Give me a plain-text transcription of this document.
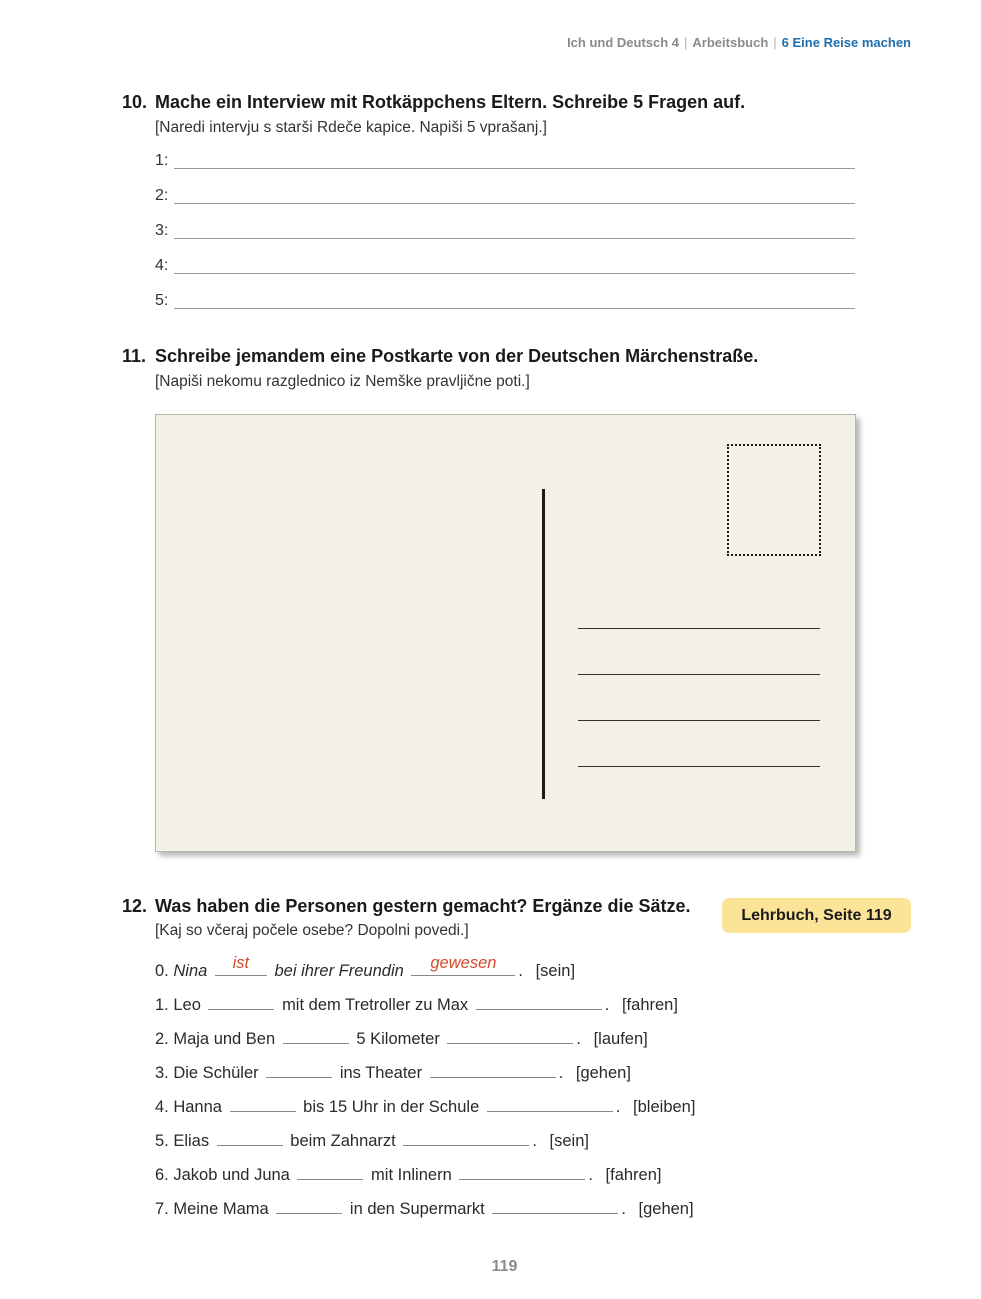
Ich und Deutsch 4 | Arbeitsbuch | 6 Eine Reise machen
10. Mache ein Interview mit Rotkäppchens Eltern. Schreibe 5 Fragen auf.
[Naredi intervju s starši Rdeče kapice. Napiši 5 vprašanj.]
1:
2:
3:
4:
5:
11. Schreibe jemandem eine Postkarte von der Deutschen Märchenstraße.
[Napiši nekomu razglednico iz Nemške pravljične poti.]
12. Was haben die Personen gestern gemacht? Ergänze die Sätze.
[Kaj so včeraj počele osebe? Dopolni povedi.]
Lehrbuch, Seite 119
0. Nina	ist	bei ihrer Freundin	gewesen	. [sein]
1. Leo	mit dem Tretroller zu Max	. [fahren]
2. Maja und Ben	5 Kilometer	. [laufen]
3. Die Schüler	ins Theater	. [gehen]
4. Hanna	bis 15 Uhr in der Schule	. [bleiben]
5. Elias	beim Zahnarzt	. [sein]
6. Jakob und Juna	mit Inlinern	. [fahren]
7. Meine Mama	in den Supermarkt	. [gehen]
119
